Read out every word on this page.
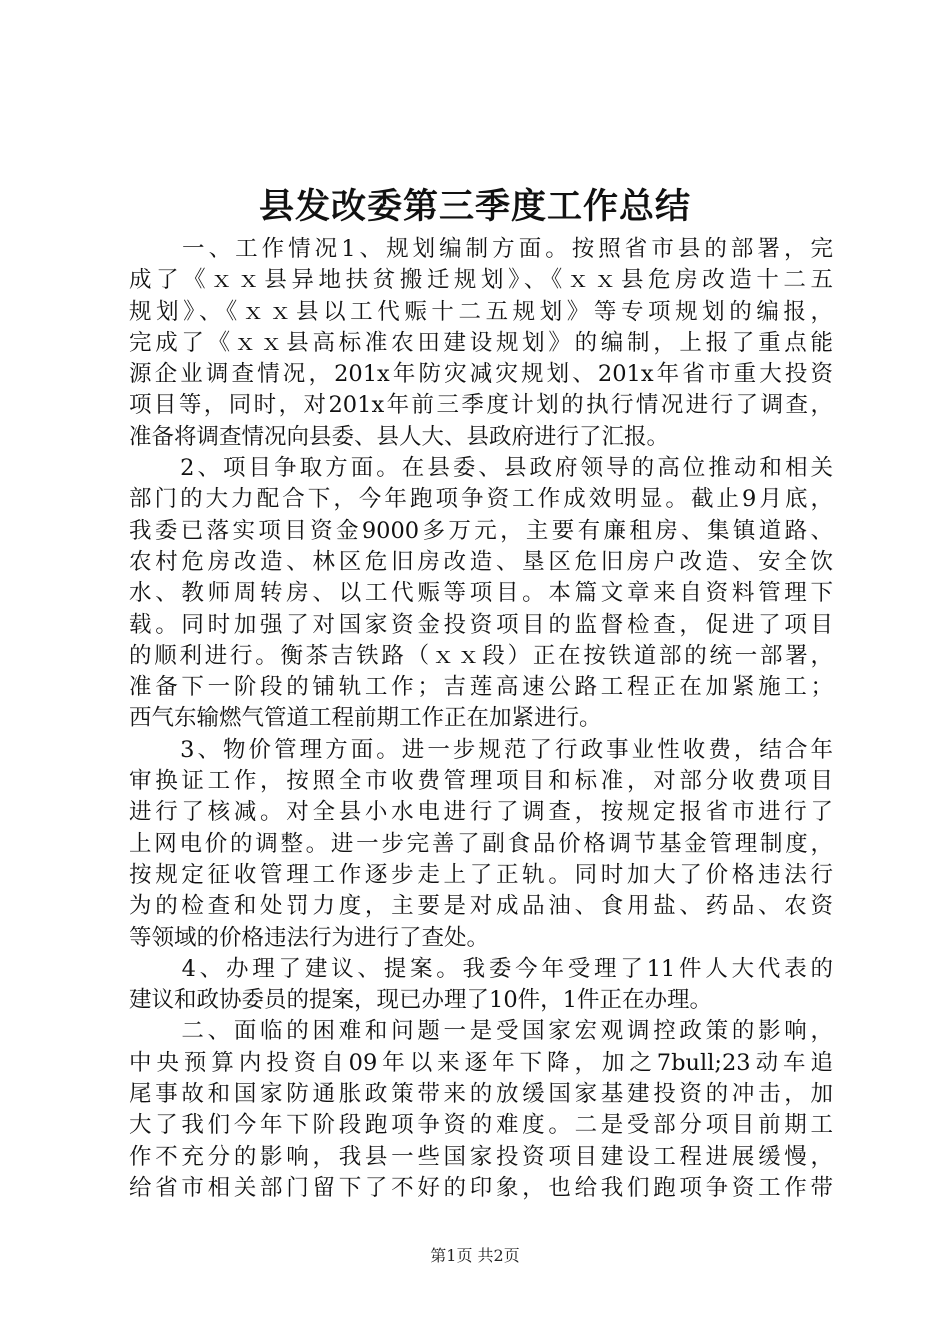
县发改委第三季度工作总结
　　一、工作情况1、规划编制方面。按照省市县的部署，完
成了《ｘｘ县异地扶贫搬迁规划》、《ｘｘ县危房改造十二五
规划》、《ｘｘ县以工代赈十二五规划》等专项规划的编报，
完成了《ｘｘ县高标准农田建设规划》的编制，上报了重点能
源企业调查情况，201x年防灾减灾规划、201x年省市重大投资
项目等，同时，对201x年前三季度计划的执行情况进行了调查，
准备将调查情况向县委、县人大、县政府进行了汇报。
　　2、项目争取方面。在县委、县政府领导的高位推动和相关
部门的大力配合下，今年跑项争资工作成效明显。截止9月底，
我委已落实项目资金9000多万元，主要有廉租房、集镇道路、
农村危房改造、林区危旧房改造、垦区危旧房户改造、安全饮
水、教师周转房、以工代赈等项目。本篇文章来自资料管理下
载。同时加强了对国家资金投资项目的监督检查，促进了项目
的顺利进行。衡茶吉铁路（ｘｘ段）正在按铁道部的统一部署，
准备下一阶段的铺轨工作；吉莲高速公路工程正在加紧施工；
西气东输燃气管道工程前期工作正在加紧进行。
　　3、物价管理方面。进一步规范了行政事业性收费，结合年
审换证工作，按照全市收费管理项目和标准，对部分收费项目
进行了核减。对全县小水电进行了调查，按规定报省市进行了
上网电价的调整。进一步完善了副食品价格调节基金管理制度，
按规定征收管理工作逐步走上了正轨。同时加大了价格违法行
为的检查和处罚力度，主要是对成品油、食用盐、药品、农资
等领域的价格违法行为进行了查处。
　　4、办理了建议、提案。我委今年受理了11件人大代表的
建议和政协委员的提案，现已办理了10件，1件正在办理。
　　二、面临的困难和问题一是受国家宏观调控政策的影响，
中央预算内投资自09年以来逐年下降，加之7bull;23动车追
尾事故和国家防通胀政策带来的放缓国家基建投资的冲击，加
大了我们今年下阶段跑项争资的难度。二是受部分项目前期工
作不充分的影响，我县一些国家投资项目建设工程进展缓慢，
给省市相关部门留下了不好的印象，也给我们跑项争资工作带
第1页 共2页
